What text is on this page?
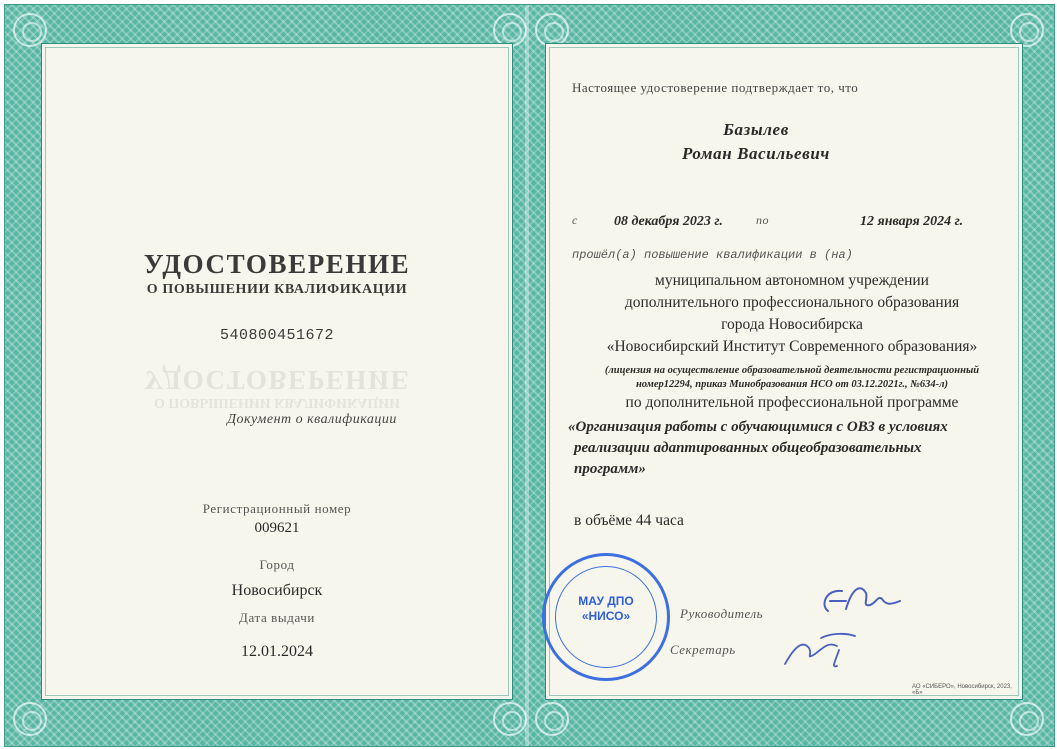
УДОСТОВЕРЕНИЕ
О ПОВЫШЕНИИ КВАЛИФИКАЦИИ
540800451672
УДОСТОВЕРЕНИЕ
О ПОВЫШЕНИИ КВАЛИФИКАЦИИ
Документ о квалификации
Регистрационный номер
009621
Город
Новосибирск
Дата выдачи
12.01.2024
Настоящее удостоверение подтверждает то, что
Базылев
Роман Васильевич
с	08 декабря 2023 г.	по	12 января 2024 г.
прошёл(а) повышение квалификации в (на)
муниципальном автономном учреждении
дополнительного профессионального образования
города Новосибирска
«Новосибирский Институт Современного образования»
(лицензия на осуществление образовательной деятельности регистрационный
номер12294, приказ Минобразования НСО от 03.12.2021г., №634-л)
по дополнительной профессиональной программе
«Организация работы с обучающимися с ОВЗ в условиях
реализации адаптированных общеобразовательных
программ»
в объёме 44 часа
Руководитель
Секретарь
АО «СИБЕРО», Новосибирск, 2023, «Б»
МАУ ДПО «НИСО»
